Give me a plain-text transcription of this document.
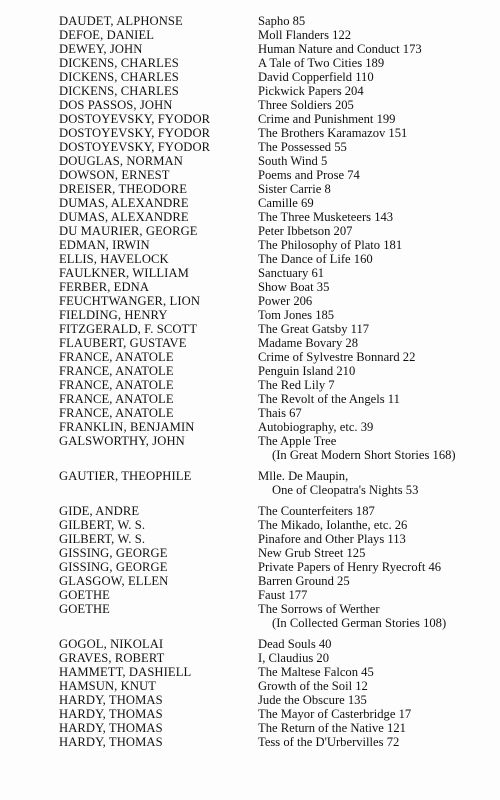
DAUDET, ALPHONSE	Sapho 85
DEFOE, DANIEL	Moll Flanders 122
DEWEY, JOHN	Human Nature and Conduct 173
DICKENS, CHARLES	A Tale of Two Cities 189
DICKENS, CHARLES	David Copperfield 110
DICKENS, CHARLES	Pickwick Papers 204
DOS PASSOS, JOHN	Three Soldiers 205
DOSTOYEVSKY, FYODOR	Crime and Punishment 199
DOSTOYEVSKY, FYODOR	The Brothers Karamazov 151
DOSTOYEVSKY, FYODOR	The Possessed 55
DOUGLAS, NORMAN	South Wind 5
DOWSON, ERNEST	Poems and Prose 74
DREISER, THEODORE	Sister Carrie 8
DUMAS, ALEXANDRE	Camille 69
DUMAS, ALEXANDRE	The Three Musketeers 143
DU MAURIER, GEORGE	Peter Ibbetson 207
EDMAN, IRWIN	The Philosophy of Plato 181
ELLIS, HAVELOCK	The Dance of Life 160
FAULKNER, WILLIAM	Sanctuary 61
FERBER, EDNA	Show Boat 35
FEUCHTWANGER, LION	Power 206
FIELDING, HENRY	Tom Jones 185
FITZGERALD, F. SCOTT	The Great Gatsby 117
FLAUBERT, GUSTAVE	Madame Bovary 28
FRANCE, ANATOLE	Crime of Sylvestre Bonnard 22
FRANCE, ANATOLE	Penguin Island 210
FRANCE, ANATOLE	The Red Lily 7
FRANCE, ANATOLE	The Revolt of the Angels 11
FRANCE, ANATOLE	Thais 67
FRANKLIN, BENJAMIN	Autobiography, etc. 39
GALSWORTHY, JOHN	The Apple Tree
(In Great Modern Short Stories 168)
GAUTIER, THEOPHILE	Mlle. De Maupin,
One of Cleopatra's Nights 53
GIDE, ANDRE	The Counterfeiters 187
GILBERT, W. S.	The Mikado, Iolanthe, etc. 26
GILBERT, W. S.	Pinafore and Other Plays 113
GISSING, GEORGE	New Grub Street 125
GISSING, GEORGE	Private Papers of Henry Ryecroft 46
GLASGOW, ELLEN	Barren Ground 25
GOETHE	Faust 177
GOETHE	The Sorrows of Werther
(In Collected German Stories 108)
GOGOL, NIKOLAI	Dead Souls 40
GRAVES, ROBERT	I, Claudius 20
HAMMETT, DASHIELL	The Maltese Falcon 45
HAMSUN, KNUT	Growth of the Soil 12
HARDY, THOMAS	Jude the Obscure 135
HARDY, THOMAS	The Mayor of Casterbridge 17
HARDY, THOMAS	The Return of the Native 121
HARDY, THOMAS	Tess of the D'Urbervilles 72
